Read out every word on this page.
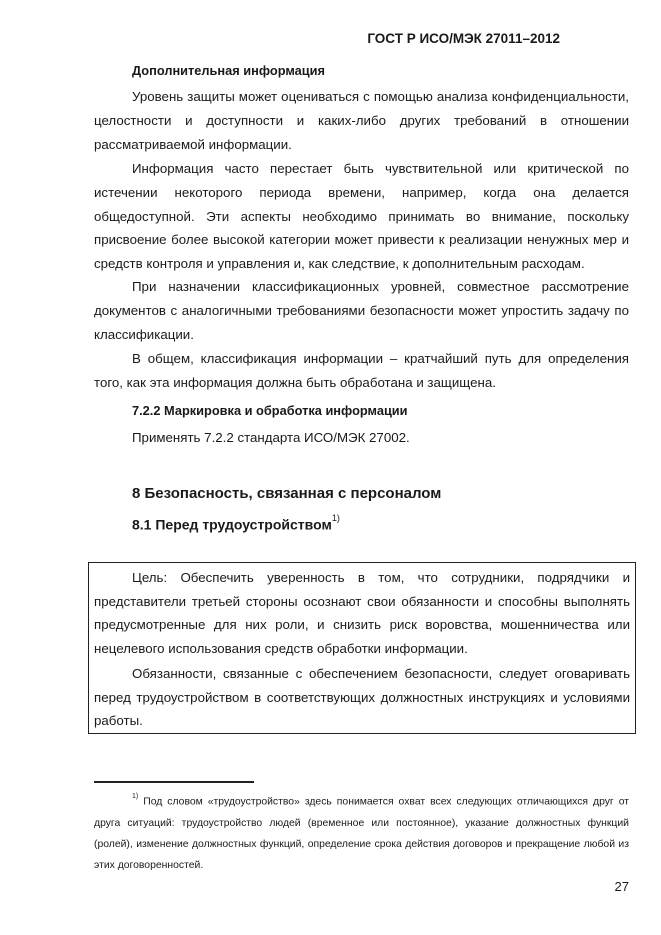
ГОСТ Р ИСО/МЭК 27011–2012
Дополнительная информация
Уровень защиты может оцениваться с помощью анализа конфиденциальности, целостности и доступности и каких-либо других требований в отношении рассматриваемой информации.
Информация часто перестает быть чувствительной или критической по истечении некоторого периода времени, например, когда она делается общедоступной. Эти аспекты необходимо принимать во внимание, поскольку присвоение более высокой категории может привести к реализации ненужных мер и средств контроля и управления и, как следствие, к дополнительным расходам.
При назначении классификационных уровней, совместное рассмотрение документов с аналогичными требованиями безопасности может упростить задачу по классификации.
В общем, классификация информации – кратчайший путь для определения того, как эта информация должна быть обработана и защищена.
7.2.2 Маркировка и обработка информации
Применять 7.2.2 стандарта ИСО/МЭК 27002.
8 Безопасность, связанная с персоналом
8.1 Перед трудоустройством$^{1)}$
Цель: Обеспечить уверенность в том, что сотрудники, подрядчики и представители третьей стороны осознают свои обязанности и способны выполнять предусмотренные для них роли, и снизить риск воровства, мошенничества или нецелевого использования средств обработки информации.
Обязанности, связанные с обеспечением безопасности, следует оговаривать перед трудоустройством в соответствующих должностных инструкциях и условиями работы.
$^{1)}$ Под словом «трудоустройство» здесь понимается охват всех следующих отличающихся друг от друга ситуаций: трудоустройство людей (временное или постоянное), указание должностных функций (ролей), изменение должностных функций, определение срока действия договоров и прекращение любой из этих договоренностей.
27
